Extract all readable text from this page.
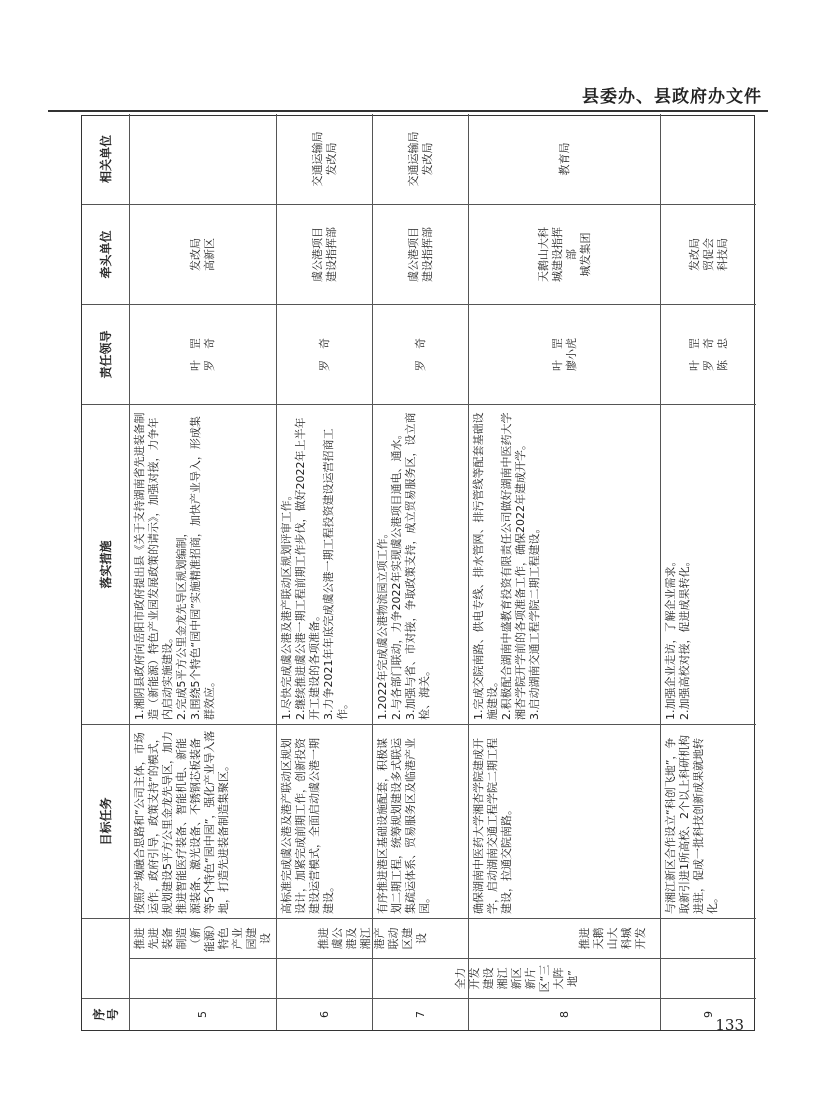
县委办、县政府办文件
序号
目标任务
落实措施
责任领导
牵头单位
相关单位
全力开发建设湘江新区新片区“三大阵地”
5
推进先进装备制造（新能源）特色产业园建设
按照产城融合思路和“公司主体，市场运作，政府引导，政策支持”的模式，规划建设5平方公里金龙先导区，加力推进智能医疗装备、智能机电、新能源装备、激光设备、不锈钢芯板装备等5个特色“园中园”，强化产业导入落地，打造先进装备制造集聚区。
1.湘阴县政府向岳阳市政府提出县《关于支持湖南省先进装备制造（新能源）特色产业园发展政策的请示》，加强对接，力争年内启动实施建设。 2.完成5平方公里金龙先导区规划编制， 3.围绕5个特色“园中园”实施精准招商，加快产业导入，形成集群效应。
叶　罡 罗　奇
发改局 高新区
6
推进虞公港及湘江港产联动区建设
高标准完成虞公港及港产联动区规划设计，加紧完成前期工作，创新投资建设运营模式，全面启动虞公港一期建设。
1.尽快完成虞公港及港产联动区规划评审工作。 2.继续推进虞公港一期工程前期工作步伐，做好2022年上半年开工建设的各项准备。 3.力争2021年年底完成虞公港一期工程投资建设运营招商工作。
罗　奇
虞公港项目 建设指挥部
交通运输局 发改局
7
有序推进港区基础设施配套，积极谋划二期工程，统筹规划建设多式联运集疏运体系、贸易服务区及临港产业园。
1.2022年完成虞公港物流园立项工作。 2.与各部门联动，力争2022年实现虞公港项目通电、通水。 3.加强与省、市对接，争取政策支持，成立贸易服务区，设立商检、海关。
罗　奇
虞公港项目 建设指挥部
交通运输局 发改局
8
推进天鹅山大科城开发
确保湖南中医药大学湘杏学院建成开学，启动湖南交通工程学院二期工程建设，拉通交院南路。
1.完成交院南路、供电专线、排水管网、排污管线等配套基础设施建设。 2.积极配合湖南中盛教育投资有限责任公司做好湖南中医药大学湘杏学院开学前的各项准备工作，确保2022年建成开学。 3.启动湖南交通工程学院二期工程建设。
叶　罡 廖小虎
天鹅山大科 城建设指挥 部 城发集团
教育局
9
与湘江新区合作设立“科创飞地”，争取新引进1所高校、2个以上科研机构进驻，促成一批科技创新成果就地转化。
1.加强企业走访，了解企业需求。 2.加强高校对接，促进成果转化。
叶　罡 罗　奇 陈　忠
发改局 贸促会 科技局
133
